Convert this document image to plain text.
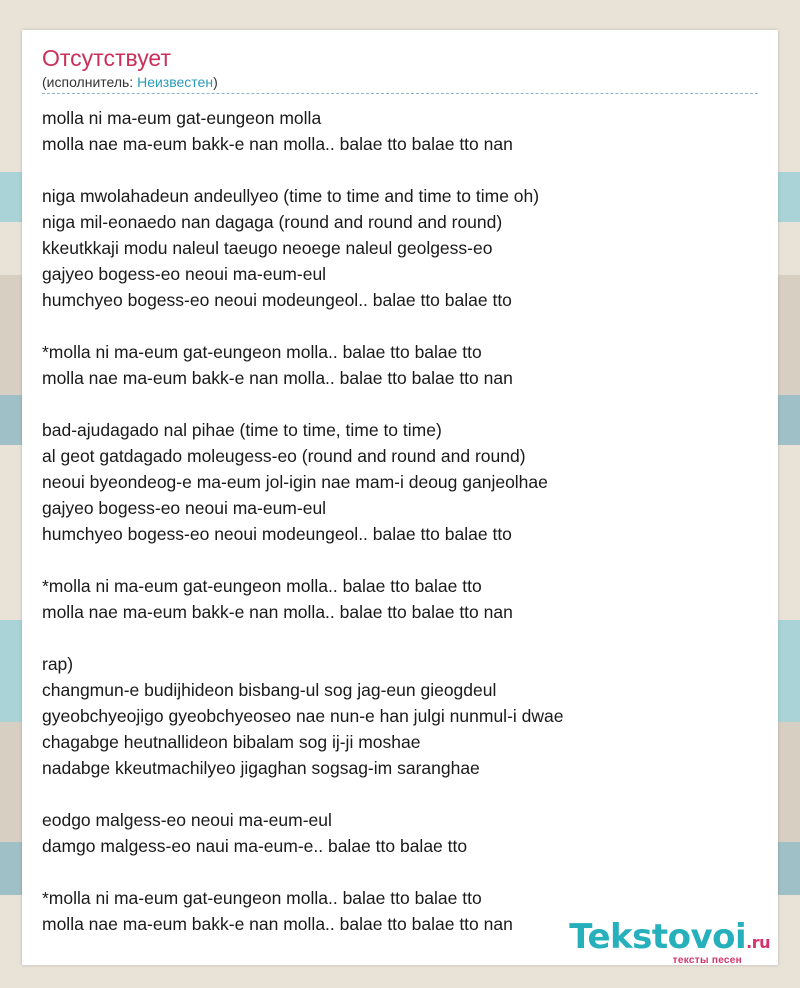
Отсутствует
(исполнитель: Неизвестен)
molla ni ma-eum gat-eungeon molla
molla nae ma-eum bakk-e nan molla.. balae tto balae tto nan
niga mwolahadeun andeullyeo (time to time and time to time oh)
niga mil-eonaedo nan dagaga (round and round and round)
kkeutkkaji modu naleul taeugo neoege naleul geolgess-eo
gajyeo bogess-eo neoui ma-eum-eul
humchyeo bogess-eo neoui modeungeol.. balae tto balae tto
*molla ni ma-eum gat-eungeon molla.. balae tto balae tto
molla nae ma-eum bakk-e nan molla.. balae tto balae tto nan
bad-ajudagado nal pihae (time to time, time to time)
al geot gatdagado moleugess-eo (round and round and round)
neoui byeondeog-e ma-eum jol-igin nae mam-i deoug ganjeolhae
gajyeo bogess-eo neoui ma-eum-eul
humchyeo bogess-eo neoui modeungeol.. balae tto balae tto
*molla ni ma-eum gat-eungeon molla.. balae tto balae tto
molla nae ma-eum bakk-e nan molla.. balae tto balae tto nan
rap)
changmun-e budijhideon bisbang-ul sog jag-eun gieogdeul
gyeobchyeojigo gyeobchyeoseo nae nun-e han julgi nunmul-i dwae
chagabge heutnallideon bibalam sog ij-ji moshae
nadabge kkeutmachilyeo jigaghan sogsag-im saranghae
eodgo malgess-eo neoui ma-eum-eul
damgo malgess-eo naui ma-eum-e.. balae tto balae tto
*molla ni ma-eum gat-eungeon molla.. balae tto balae tto
molla nae ma-eum bakk-e nan molla.. balae tto balae tto nan	Tekstovoi.ru
тексты песен
